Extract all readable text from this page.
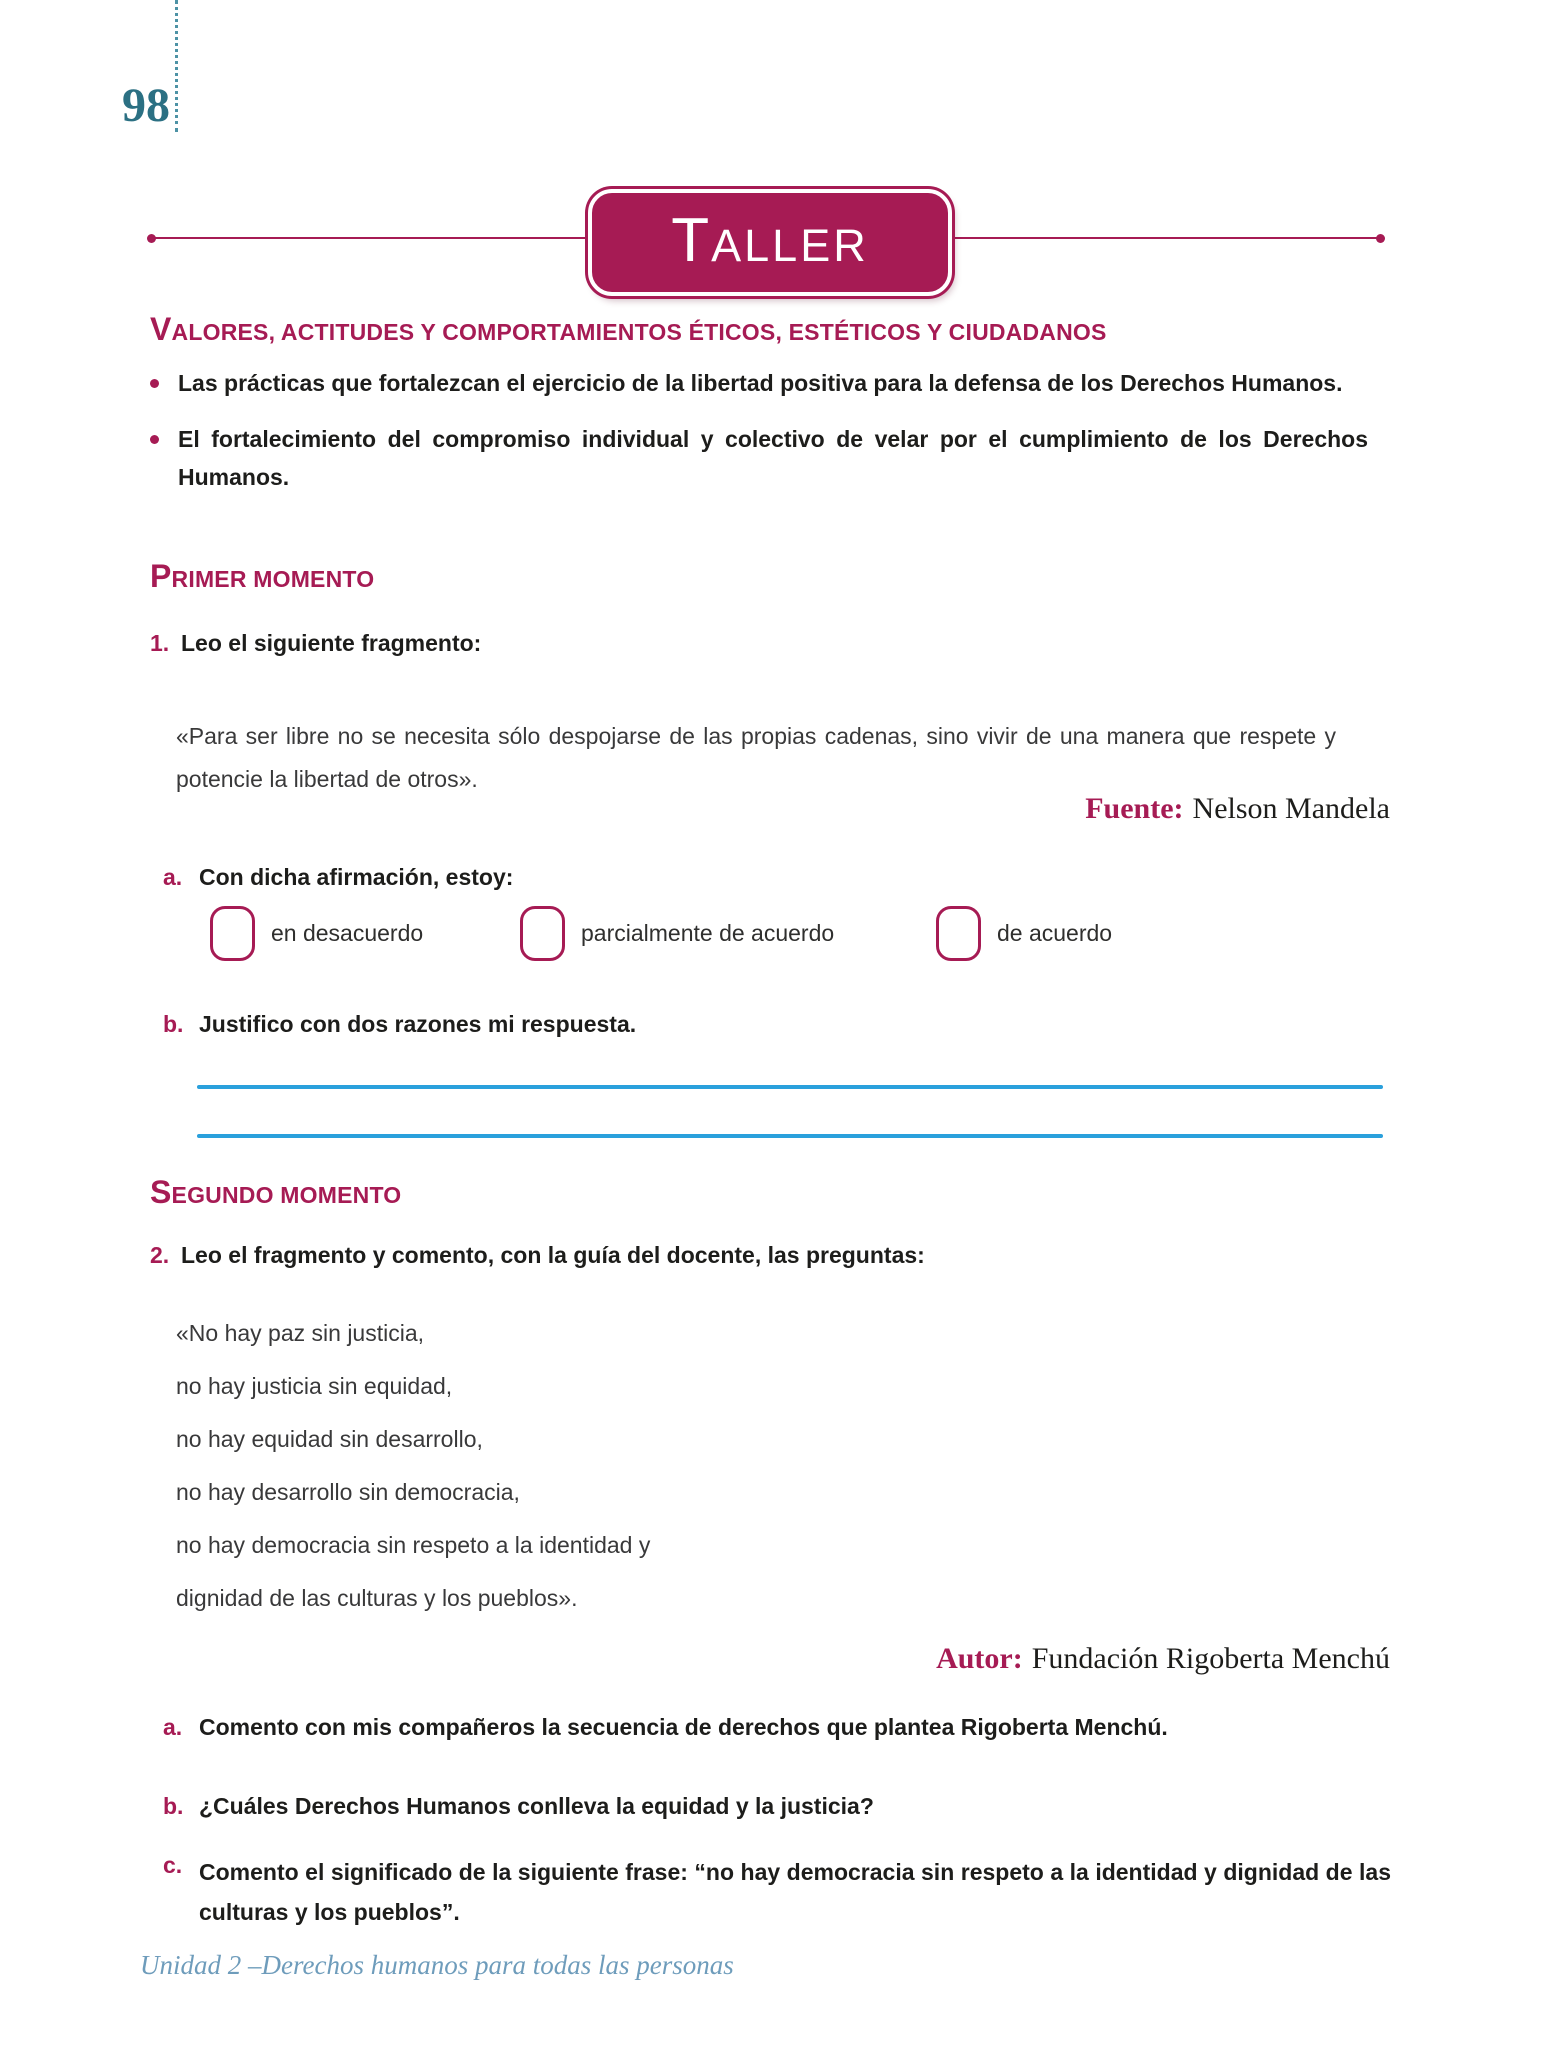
98
TALLER
VALORES, ACTITUDES Y COMPORTAMIENTOS ÉTICOS, ESTÉTICOS Y CIUDADANOS

Las prácticas que fortalezcan el ejercicio de la libertad positiva para la defensa de los Derechos Humanos.

El fortalecimiento del compromiso individual y colectivo de velar por el cumplimiento de los Derechos Humanos.

PRIMER MOMENTO
1. Leo el siguiente fragmento:

«Para ser libre no se necesita sólo despojarse de las propias cadenas, sino vivir de una manera que respete y potencie la libertad de otros».

Fuente: Nelson Mandela
a. Con dicha afirmación, estoy:

en desacuerdo	parcialmente de acuerdo	de acuerdo
b. Justifico con dos razones mi respuesta.

SEGUNDO MOMENTO
2. Leo el fragmento y comento, con la guía del docente, las preguntas:

«No hay paz sin justicia,

no hay justicia sin equidad,

no hay equidad sin desarrollo,

no hay desarrollo sin democracia,

no hay democracia sin respeto a la identidad y

dignidad de las culturas y los pueblos».

Autor: Fundación Rigoberta Menchú
a. Comento con mis compañeros la secuencia de derechos que plantea Rigoberta Menchú.

b. ¿Cuáles Derechos Humanos conlleva la equidad y la justicia?

c. Comento el significado de la siguiente frase: “no hay democracia sin respeto a la identidad y dignidad de las culturas y los pueblos”.

Unidad 2 –Derechos humanos para todas las personas
